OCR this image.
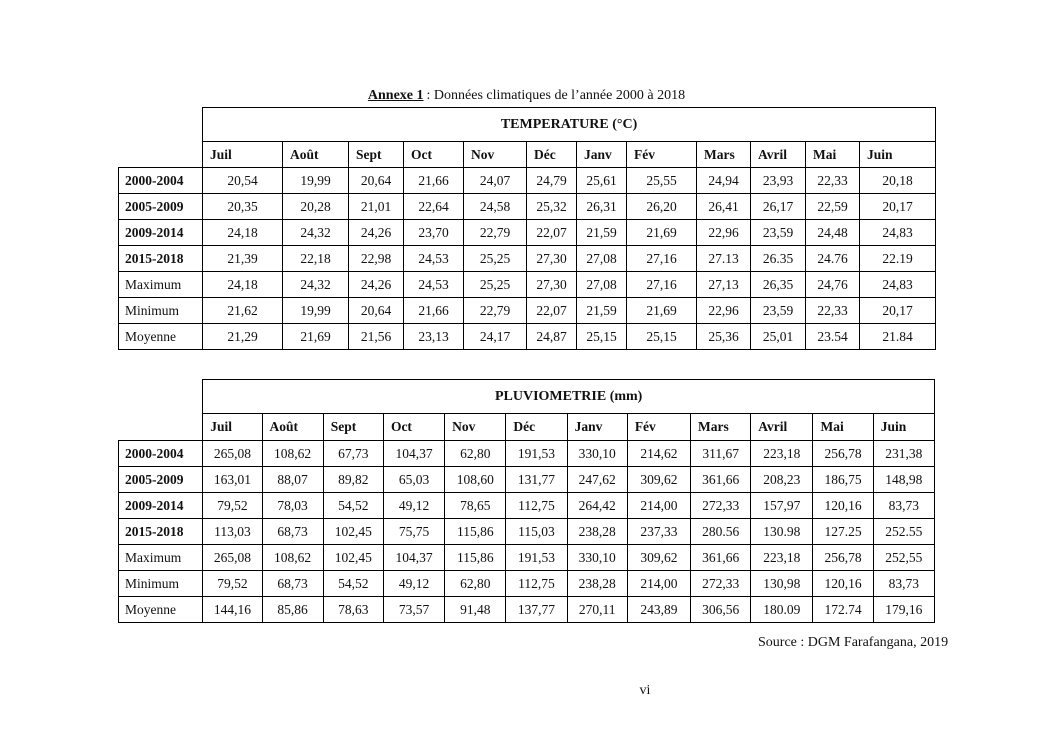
Annexe 1 : Données climatiques de l’année 2000 à 2018
	TEMPERATURE (°C)											
	Juil	Août	Sept	Oct	Nov	Déc	Janv	Fév	Mars	Avril	Mai	Juin
2000-2004	20,54	19,99	20,64	21,66	24,07	24,79	25,61	25,55	24,94	23,93	22,33	20,18
2005-2009	20,35	20,28	21,01	22,64	24,58	25,32	26,31	26,20	26,41	26,17	22,59	20,17
2009-2014	24,18	24,32	24,26	23,70	22,79	22,07	21,59	21,69	22,96	23,59	24,48	24,83
2015-2018	21,39	22,18	22,98	24,53	25,25	27,30	27,08	27,16	27.13	26.35	24.76	22.19
Maximum	24,18	24,32	24,26	24,53	25,25	27,30	27,08	27,16	27,13	26,35	24,76	24,83
Minimum	21,62	19,99	20,64	21,66	22,79	22,07	21,59	21,69	22,96	23,59	22,33	20,17
Moyenne	21,29	21,69	21,56	23,13	24,17	24,87	25,15	25,15	25,36	25,01	23.54	21.84
	PLUVIOMETRIE (mm)											
	Juil	Août	Sept	Oct	Nov	Déc	Janv	Fév	Mars	Avril	Mai	Juin
2000-2004	265,08	108,62	67,73	104,37	62,80	191,53	330,10	214,62	311,67	223,18	256,78	231,38
2005-2009	163,01	88,07	89,82	65,03	108,60	131,77	247,62	309,62	361,66	208,23	186,75	148,98
2009-2014	79,52	78,03	54,52	49,12	78,65	112,75	264,42	214,00	272,33	157,97	120,16	83,73
2015-2018	113,03	68,73	102,45	75,75	115,86	115,03	238,28	237,33	280.56	130.98	127.25	252.55
Maximum	265,08	108,62	102,45	104,37	115,86	191,53	330,10	309,62	361,66	223,18	256,78	252,55
Minimum	79,52	68,73	54,52	49,12	62,80	112,75	238,28	214,00	272,33	130,98	120,16	83,73
Moyenne	144,16	85,86	78,63	73,57	91,48	137,77	270,11	243,89	306,56	180.09	172.74	179,16
Source : DGM Farafangana, 2019
vi
